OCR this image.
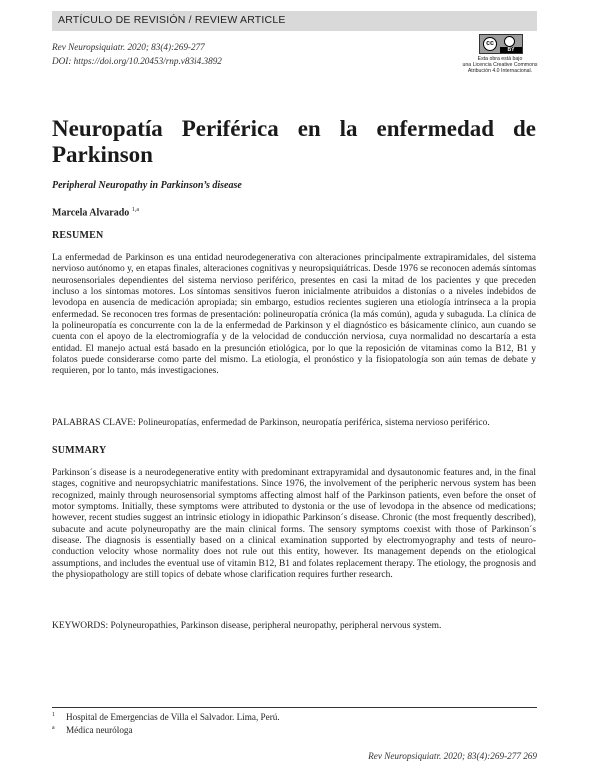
ARTÍCULO DE REVISIÓN / REVIEW ARTICLE
Rev Neuropsiquiatr. 2020; 83(4):269-277
DOI: https://doi.org/10.20453/rnp.v83i4.3892
cc
BY
Esta obra está bajo
una Licencia Creative Commons
Atribución 4.0 Internacional.
Neuropatía Periférica en la enfermedad de Parkinson
Peripheral Neuropathy in Parkinson’s disease
Marcela Alvarado $^{1,a}$
RESUMEN

La enfermedad de Parkinson es una entidad neurodegenerativa con alteraciones principalmente extrapiramidales, del sistema nervioso autónomo y, en etapas finales, alteraciones cognitivas y neuropsiquiátricas. Desde 1976 se reconocen además síntomas neurosensoriales dependientes del sistema nervioso periférico, presentes en casi la mitad de los pacientes y que preceden incluso a los síntomas motores. Los síntomas sensitivos fueron inicialmente atribuidos a distonías o a niveles indebidos de levodopa en ausencia de medicación apropiada; sin embargo, estudios recientes sugieren una etiología intrínseca a la propia enfermedad. Se reconocen tres formas de presentación: polineuropatía crónica (la más común), aguda y subaguda. La clínica de la polineuropatía es concurrente con la de la enfermedad de Parkinson y el diagnóstico es básicamente clínico, aun cuando se cuenta con el apoyo de la electromiografía y de la velocidad de conducción nerviosa, cuya normalidad no descartaría a esta entidad. El manejo actual está basado en la presunción etiológica, por lo que la reposición de vitaminas como la B12, B1 y folatos puede considerarse como parte del mismo. La etiología, el pronóstico y la fisiopatología son aún temas de debate y requieren, por lo tanto, más investigaciones.

PALABRAS CLAVE: Polineuropatías, enfermedad de Parkinson, neuropatía periférica, sistema nervioso periférico.
SUMMARY

Parkinson´s disease is a neurodegenerative entity with predominant extrapyramidal and dysautonomic features and, in the final stages, cognitive and neuropsychiatric manifestations. Since 1976, the involvement of the peripheric nervous system has been recognized, mainly through neurosensorial symptoms affecting almost half of the Parkinson patients, even before the onset of motor symptoms. Initially, these symptoms were attributed to dystonia or the use of levodopa in the absence od medications; however, recent studies suggest an intrinsic etiology in idiopathic Parkinson´s disease. Chronic (the most frequently described), subacute and acute polyneuropathy are the main clinical forms. The sensory symptoms coexist with those of Parkinson´s disease. The diagnosis is essentially based on a clinical examination supported by electromyography and tests of neuro-conduction velocity whose normality does not rule out this entity, however. Its management depends on the etiological assumptions, and includes the eventual use of vitamin B12, B1 and folates replacement therapy. The etiology, the prognosis and the physiopathology are still topics of debate whose clarification requires further research.

KEYWORDS: Polyneuropathies, Parkinson disease, peripheral neuropathy, peripheral nervous system.
1 Hospital de Emergencias de Villa el Salvador. Lima, Perú.
a Médica neuróloga
Rev Neuropsiquiatr. 2020; 83(4):269-277 269
